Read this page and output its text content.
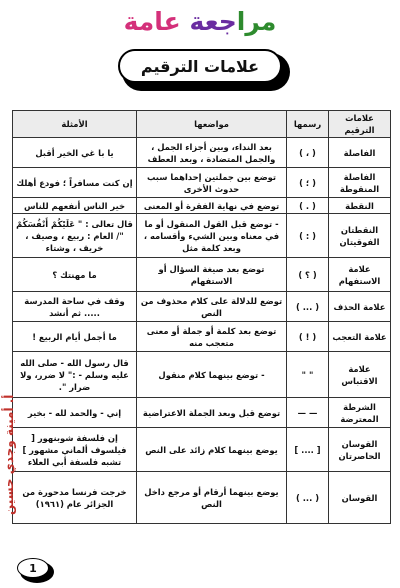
مراجعة عامة
علامات الترقيم
علامات الترقيم	رسمها	مواضعها	الأمثلة
الفاصلة	( ، )	بعد النداء، وبين أجزاء الجمل ، والجمل المتضادة ، وبعد العطف	يا با غي الخير أقبل
الفاصلة المنقوطة	( ؛ )	توضع بين جملتين إحداهما سبب حدوث الأخرى	إن كنت مسافراً ؛ فودع أهلك
النقطة	( . )	توضع في نهاية الفقرة أو المعنى	خير الناس أنفعهم للناس
النقطتان الفوقيتان	( : )	- توضع قبل القول المنقول أو ما في معناه وبين الشيء وأقسامه ، وبعد كلمة مثل	قال تعالى : " عَلَيْكُمْ أَنْفُسَكُمْ "/ العام : ربيع ، وصيف ، خريف ، وشتاء
علامة الاستفهام	( ؟ )	توضع بعد صيغة السؤال أو الاستفهام	ما مهنتك ؟
علامة الحذف	( ... )	توضع للدلالة على كلام محذوف من النص	وقف في ساحة المدرسة ..... ثم أنشد
علامة التعجب	( ! )	توضع بعد كلمة أو جملة أو معنى متعجب منه	ما أجمل أيام الربيع !
علامة الاقتباس	" "	- توضع بينهما كلام منقول	قال رسول الله - صلى الله عليه وسلم - :" لا ضرر، ولا ضرار ".
الشرطة المعترضة	— —	توضع قبل وبعد الجملة الاعتراضية	إني - والحمد لله - بخير
القوسان الحاصرتان	[ .... ]	يوضع بينهما كلام زائد على النص	إن فلسفة شوبنهور [ فيلسوف ألماني مشهور ] تشبه فلسفة أبي العلاء
القوسان	( ... )	يوضع بينهما أرقام أو مرجع داخل النص	خرجت فرنسا مدحورة من الجزائر عام (١٩٦١)
أ. أمينة وجدي حسين
1
